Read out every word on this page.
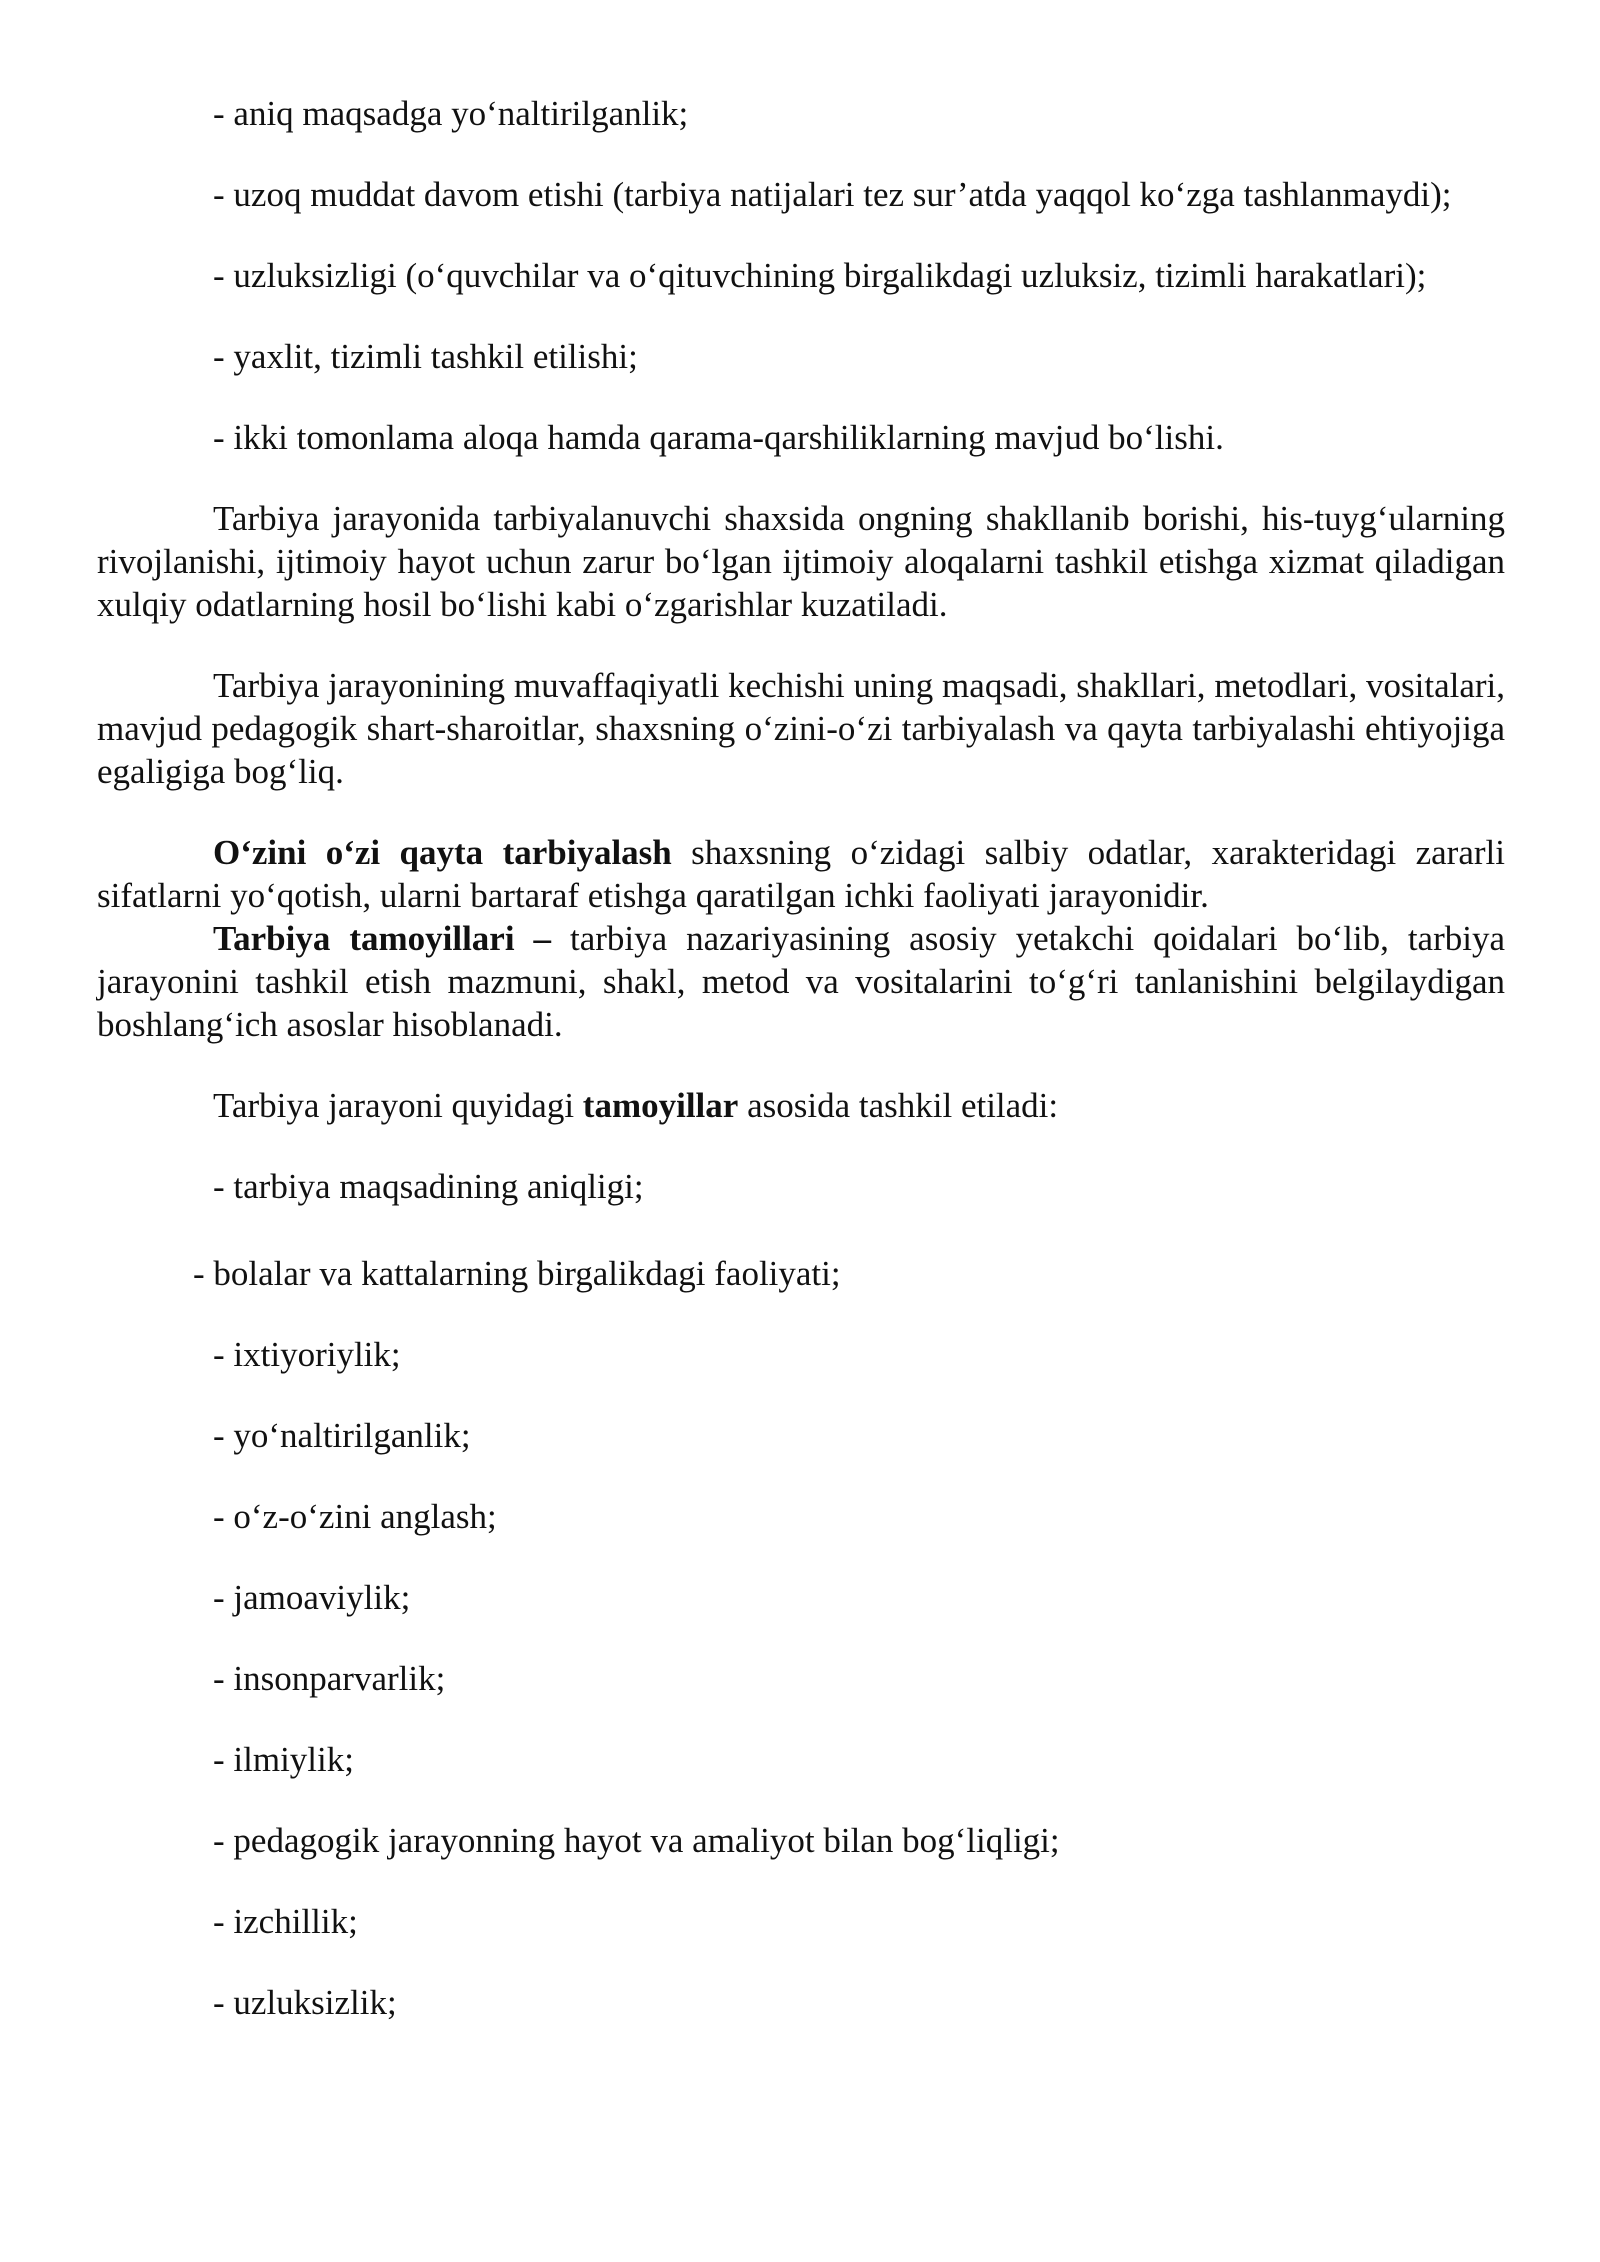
- aniq maqsadga yo‘naltirilganlik;

- uzoq muddat davom etishi (tarbiya natijalari tez sur’atda yaqqol ko‘zga tashlanmaydi);

- uzluksizligi (o‘quvchilar va o‘qituvchining birgalikdagi uzluksiz, tizimli harakatlari);

- yaxlit, tizimli tashkil etilishi;
- ikki tomonlama aloqa hamda qarama-qarshiliklarning mavjud bo‘lishi.

Tarbiya jarayonida tarbiyalanuvchi shaxsida ongning shakllanib borishi, his-tuyg‘ularning rivojlanishi, ijtimoiy hayot uchun zarur bo‘lgan ijtimoiy aloqalarni tashkil etishga xizmat qiladigan xulqiy odatlarning hosil bo‘lishi kabi o‘zgarishlar kuzatiladi.

Tarbiya jarayonining muvaffaqiyatli kechishi uning maqsadi, shakllari, metodlari, vositalari, mavjud pedagogik shart-sharoitlar, shaxsning o‘zini-o‘zi tarbiyalash va qayta tarbiyalashi ehtiyojiga egaligiga bog‘liq.

O‘zini o‘zi qayta tarbiyalash shaxsning o‘zidagi salbiy odatlar, xarakteridagi zararli sifatlarni yo‘qotish, ularni bartaraf etishga qaratilgan ichki faoliyati jarayonidir.

Tarbiya tamoyillari – tarbiya nazariyasining asosiy yetakchi qoidalari bo‘lib, tarbiya jarayonini tashkil etish mazmuni, shakl, metod va vositalarini to‘g‘ri tanlanishini belgilaydigan boshlang‘ich asoslar hisoblanadi.

Tarbiya jarayoni quyidagi tamoyillar asosida tashkil etiladi:

- tarbiya maqsadining aniqligi;
- bolalar va kattalarning birgalikdagi faoliyati;
- ixtiyoriylik;
- yo‘naltirilganlik;
- o‘z-o‘zini anglash;
- jamoaviylik;
- insonparvarlik;
- ilmiylik;
- pedagogik jarayonning hayot va amaliyot bilan bog‘liqligi;
- izchillik;
- uzluksizlik;
